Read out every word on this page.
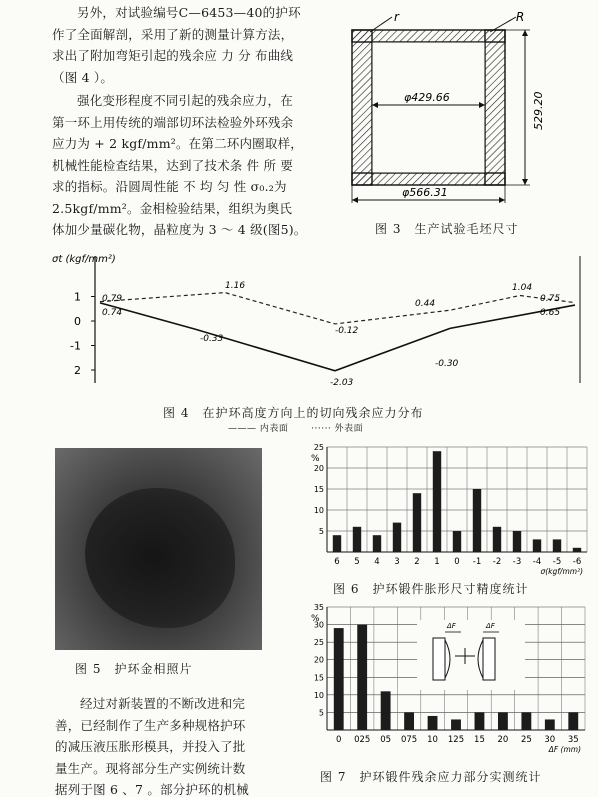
另外，对试验编号C—6453—40的护环
作了全面解剖，采用了新的测量计算方法，
求出了附加弯矩引起的残余应 力 分 布曲线
（图 4 ）。
强化变形程度不同引起的残余应力，在
第一环上用传统的端部切环法检验外环残余
应力为 + 2 kgf/mm²。在第二环内圈取样，
机械性能检查结果，达到了技术条 件 所 要
求的指标。沿圆周性能 不 均 匀 性 σ₀.₂为
2.5kgf/mm²。金相检验结果，组织为奥氏
体加少量碳化物，晶粒度为 3 ～ 4 级(图5)。
r	R
φ429.66
φ566.31
529.20
图 3　生产试验毛坯尺寸
σt (kgf/mm²)
1
0
-1
2
0.79
0.74
1.16
-0.33
-0.12
-2.03
0.44
-0.30
1.04
0.75
0.65
图 4　在护环高度方向上的切向残余应力分布
——— 内表面	······ 外表面
图 5　护环金相照片
经过对新装置的不断改进和完
善，已经制作了生产多种规格护环
的减压液压胀形模具，并投入了批
量生产。现将部分生产实例统计数
据列于图 6 、7 。部分护环的机械
5
10
15
20
25
%
6 5 4 3 2 1 0 -1 -2 -3 -4 -5 -6
σ(kgf/mm²)
图 6　护环锻件胀形尺寸精度统计
5
10
15
20
25
30
35
%
0 025 05 075 10 125 15 20 25 30 35
ΔF (mm)
ΔF	ΔF
图 7　护环锻件残余应力部分实测统计
